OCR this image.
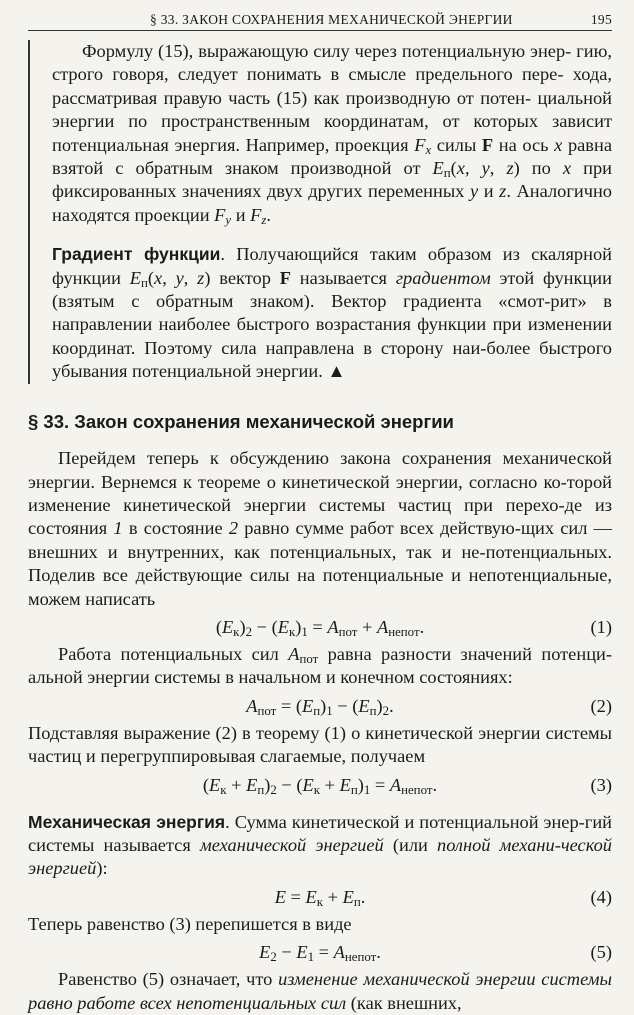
§ 33. ЗАКОН СОХРАНЕНИЯ МЕХАНИЧЕСКОЙ ЭНЕРГИИ	195

Формулу (15), выражающую силу через потенциальную энер- гию, строго говоря, следует понимать в смысле предельного пере- хода, рассматривая правую часть (15) как производную от потен- циальной энергии по пространственным координатам, от которых зависит потенциальная энергия. Например, проекция $F_x$ силы F на ось x равна взятой с обратным знаком производной от $E_п(x$, y, z) по x при фиксированных значениях двух других переменных y и z. Аналогично находятся проекции $F_y$ и $F_z$.

Градиент функции. Получающийся таким образом из скалярной функции $E_п(x$, y, z) вектор F называется градиентом этой функции (взятым с обратным знаком). Вектор градиента «смот-рит» в направлении наиболее быстрого возрастания функции при изменении координат. Поэтому сила направлена в сторону наи-более быстрого убывания потенциальной энергии. ▲

§ 33. Закон сохранения механической энергии

Перейдем теперь к обсуждению закона сохранения механической энергии. Вернемся к теореме о кинетической энергии, согласно ко-торой изменение кинетической энергии системы частиц при перехо-де из состояния 1 в состояние 2 равно сумме работ всех действую-щих сил — внешних и внутренних, как потенциальных, так и не-потенциальных. Поделив все действующие силы на потенциальные и непотенциальные, можем написать

$(E_к)_2 - (E_к)_1 = A_{пот} + A_{непот}$.	(1)

Работа потенциальных сил $A_{пот}$ равна разности значений потенци-альной энергии системы в начальном и конечном состояниях:

$A_{пот} = (E_п)_1 - (E_п)_2$.	(2)

Подставляя выражение (2) в теорему (1) о кинетической энергии системы частиц и перегруппировывая слагаемые, получаем

$(E_к + E_п)_2 - (E_к + E_п)_1 = A_{непот}$.	(3)

Механическая энергия. Сумма кинетической и потенциальной энер-гий системы называется механической энергией (или полной механи-ческой энергией):

$E = E_к + E_п$.	(4)

Теперь равенство (3) перепишется в виде

$E_2 - E_1 = A_{непот}$.	(5)

Равенство (5) означает, что изменение механической энергии системы равно работе всех непотенциальных сил (как внешних,
